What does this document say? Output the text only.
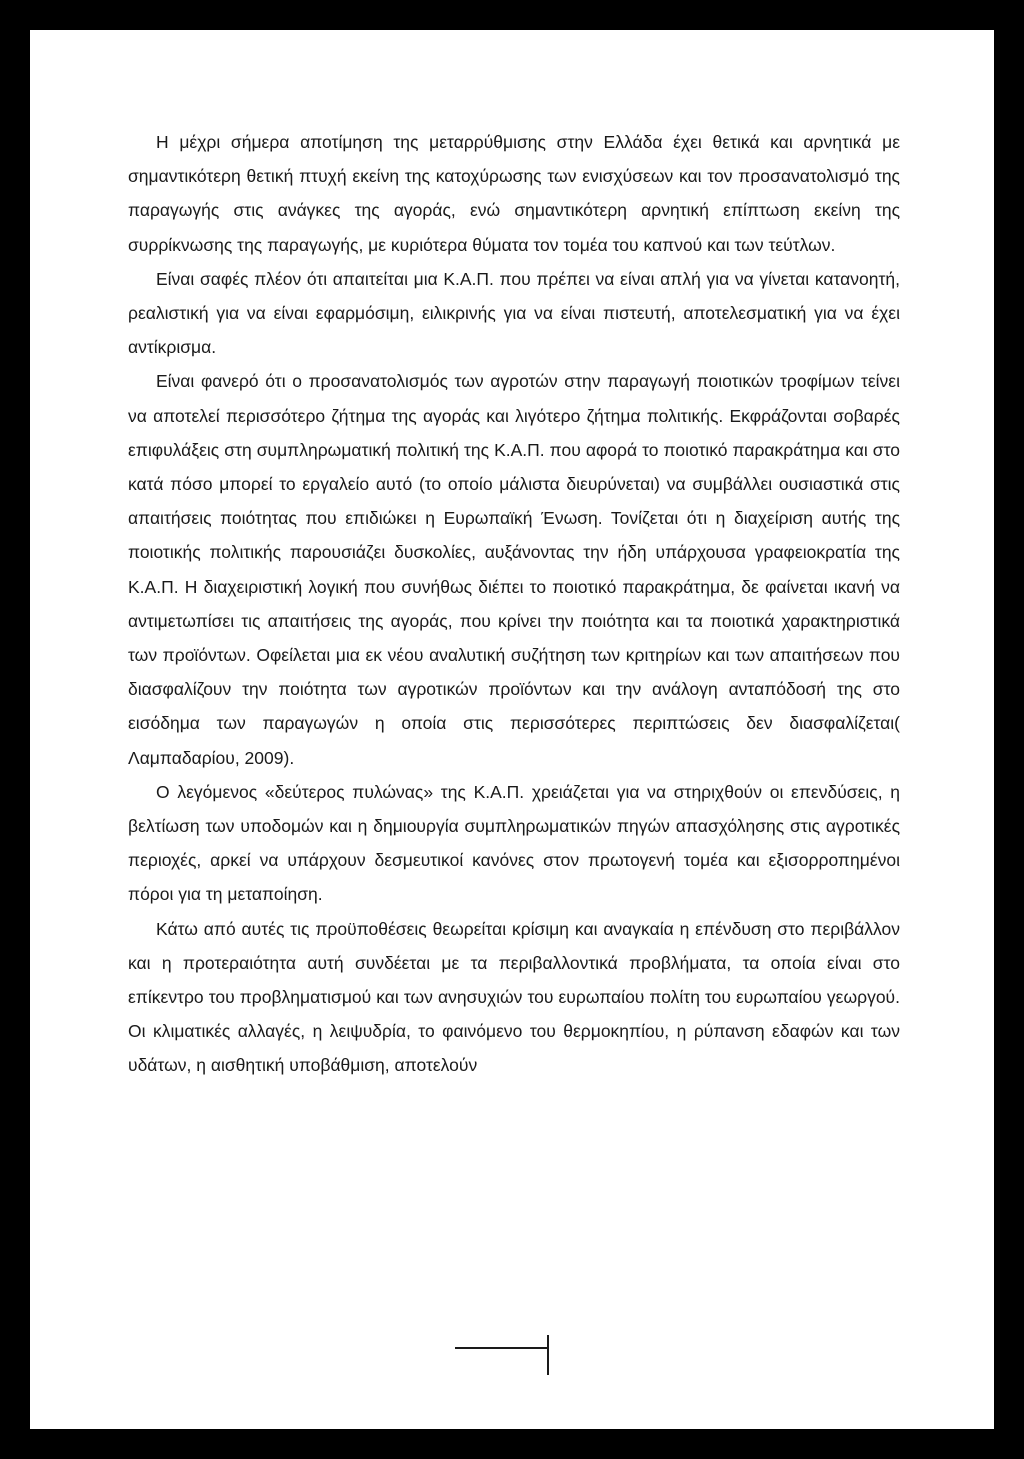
Η μέχρι σήμερα αποτίμηση της μεταρρύθμισης στην Ελλάδα έχει θετικά και αρνητικά με σημαντικότερη θετική πτυχή εκείνη της κατοχύρωσης των ενισχύσεων και τον προσανατολισμό της παραγωγής στις ανάγκες της αγοράς, ενώ σημαντικότερη αρνητική επίπτωση εκείνη της συρρίκνωσης της παραγωγής, με κυριότερα θύματα τον τομέα του καπνού και των τεύτλων.

Είναι σαφές πλέον ότι απαιτείται μια Κ.Α.Π. που πρέπει να είναι απλή για να γίνεται κατανοητή, ρεαλιστική για να είναι εφαρμόσιμη, ειλικρινής για να είναι πιστευτή, αποτελεσματική για να έχει αντίκρισμα.

Είναι φανερό ότι ο προσανατολισμός των αγροτών στην παραγωγή ποιοτικών τροφίμων τείνει να αποτελεί περισσότερο ζήτημα της αγοράς και λιγότερο ζήτημα πολιτικής. Εκφράζονται σοβαρές επιφυλάξεις στη συμπληρωματική πολιτική της Κ.Α.Π. που αφορά το ποιοτικό παρακράτημα και στο κατά πόσο μπορεί το εργαλείο αυτό (το οποίο μάλιστα διευρύνεται) να συμβάλλει ουσιαστικά στις απαιτήσεις ποιότητας που επιδιώκει η Ευρωπαϊκή Ένωση. Τονίζεται ότι η διαχείριση αυτής της ποιοτικής πολιτικής παρουσιάζει δυσκολίες, αυξάνοντας την ήδη υπάρχουσα γραφειοκρατία της Κ.Α.Π. Η διαχειριστική λογική που συνήθως διέπει το ποιοτικό παρακράτημα, δε φαίνεται ικανή να αντιμετωπίσει τις απαιτήσεις της αγοράς, που κρίνει την ποιότητα και τα ποιοτικά χαρακτηριστικά των προϊόντων. Οφείλεται μια εκ νέου αναλυτική συζήτηση των κριτηρίων και των απαιτήσεων που διασφαλίζουν την ποιότητα των αγροτικών προϊόντων και την ανάλογη ανταπόδοσή της στο εισόδημα των παραγωγών η οποία στις περισσότερες περιπτώσεις δεν διασφαλίζεται( Λαμπαδαρίου, 2009).

Ο λεγόμενος «δεύτερος πυλώνας» της Κ.Α.Π. χρειάζεται για να στηριχθούν οι επενδύσεις, η βελτίωση των υποδομών και η δημιουργία συμπληρωματικών πηγών απασχόλησης στις αγροτικές περιοχές, αρκεί να υπάρχουν δεσμευτικοί κανόνες στον πρωτογενή τομέα και εξισορροπημένοι πόροι για τη μεταποίηση.

Κάτω από αυτές τις προϋποθέσεις θεωρείται κρίσιμη και αναγκαία η επένδυση στο περιβάλλον και η προτεραιότητα αυτή συνδέεται με τα περιβαλλοντικά προβλήματα, τα οποία είναι στο επίκεντρο του προβληματισμού και των ανησυχιών του ευρωπαίου πολίτη του ευρωπαίου γεωργού. Οι κλιματικές αλλαγές, η λειψυδρία, το φαινόμενο του θερμοκηπίου, η ρύπανση εδαφών και των υδάτων, η αισθητική υποβάθμιση, αποτελούν
